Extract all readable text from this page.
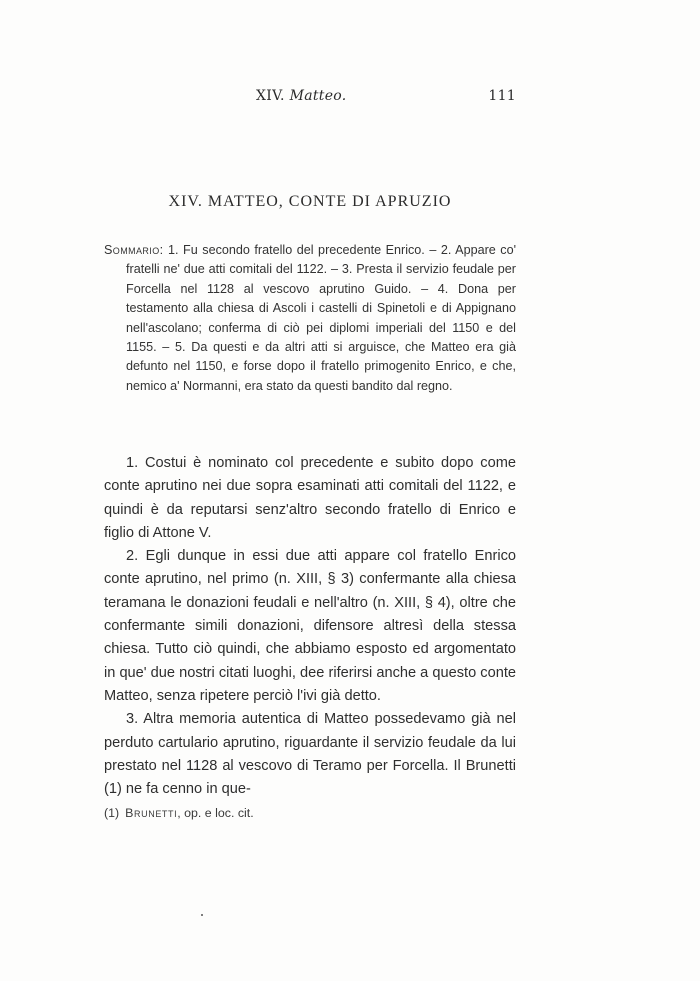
XIV. Matteo.	111
XIV. MATTEO, CONTE DI APRUZIO

Sommario: 1. Fu secondo fratello del precedente Enrico. – 2. Appare co' fratelli ne' due atti comitali del 1122. – 3. Presta il servizio feudale per Forcella nel 1128 al vescovo aprutino Guido. – 4. Dona per testamento alla chiesa di Ascoli i castelli di Spinetoli e di Appignano nell'ascolano; conferma di ciò pei diplomi imperiali del 1150 e del 1155. – 5. Da questi e da altri atti si arguisce, che Matteo era già defunto nel 1150, e forse dopo il fratello primogenito Enrico, e che, nemico a' Normanni, era stato da questi bandito dal regno.

1. Costui è nominato col precedente e subito dopo come conte aprutino nei due sopra esaminati atti comitali del 1122, e quindi è da reputarsi senz'altro secondo fratello di Enrico e figlio di Attone V.

2. Egli dunque in essi due atti appare col fratello Enrico conte aprutino, nel primo (n. XIII, § 3) confermante alla chiesa teramana le donazioni feudali e nell'altro (n. XIII, § 4), oltre che confermante simili donazioni, difensore altresì della stessa chiesa. Tutto ciò quindi, che abbiamo esposto ed argomentato in que' due nostri citati luoghi, dee riferirsi anche a questo conte Matteo, senza ripetere perciò l'ivi già detto.

3. Altra memoria autentica di Matteo possedevamo già nel perduto cartulario aprutino, riguardante il servizio feudale da lui prestato nel 1128 al vescovo di Teramo per Forcella. Il Brunetti (1) ne fa cenno in que-

(1) Brunetti, op. e loc. cit.
